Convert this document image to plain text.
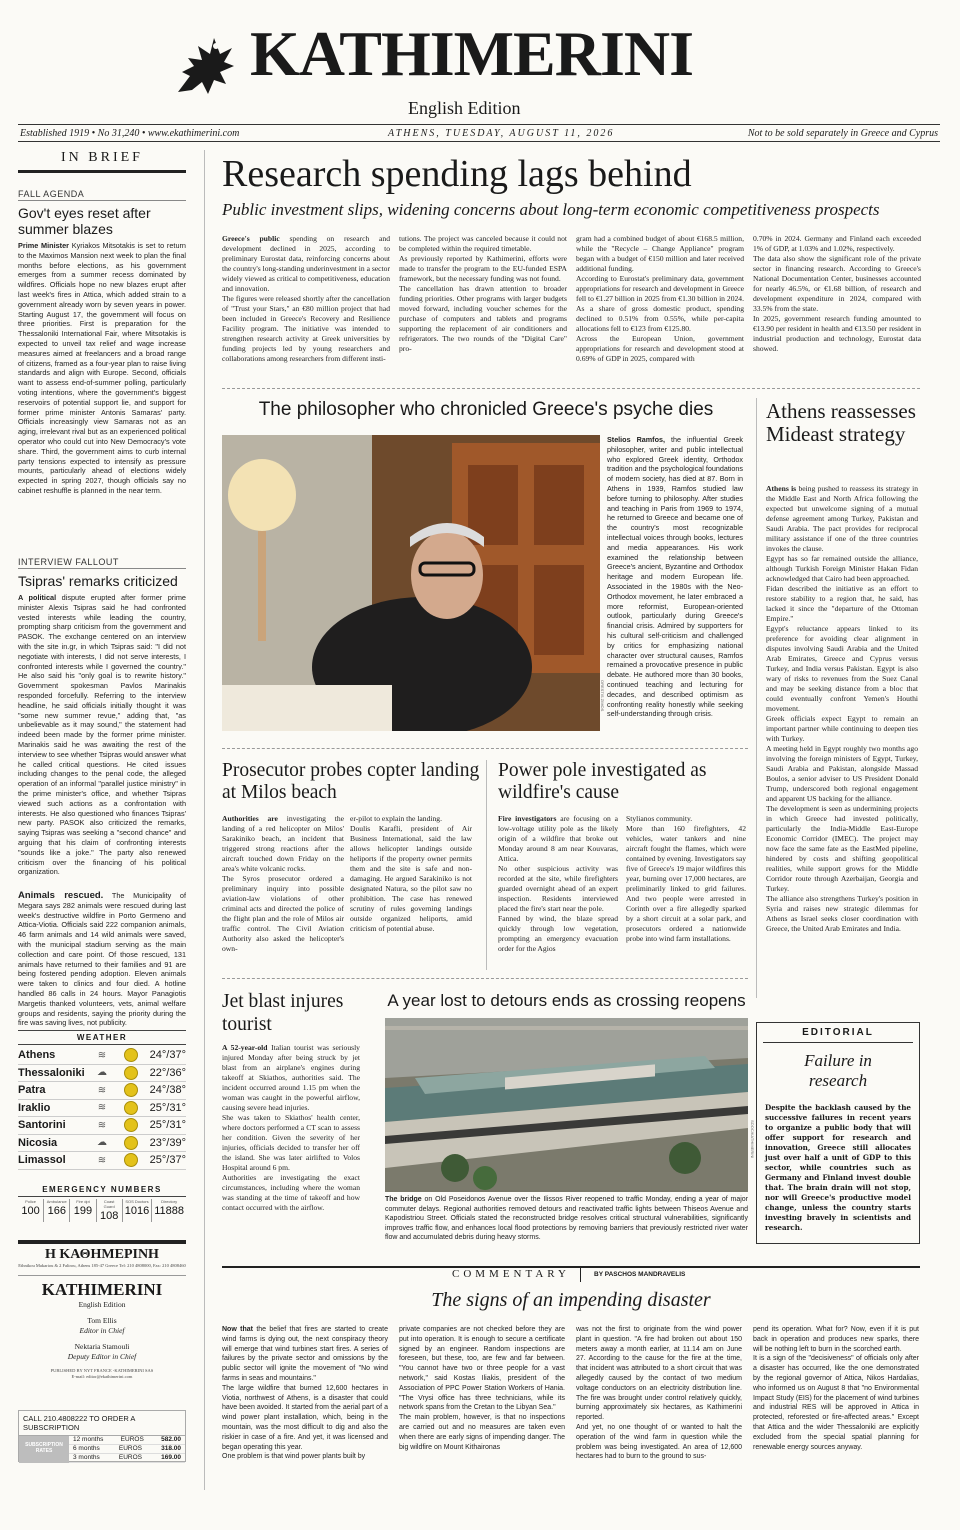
KATHIMERINI
English Edition
Established 1919 • No 31,240 • www.ekathimerini.com	ATHENS, TUESDAY, AUGUST 11, 2026	Not to be sold separately in Greece and Cyprus
IN BRIEF
FALL AGENDA
Gov't eyes reset after summer blazes
Prime Minister Kyriakos Mitsotakis is set to return to the Maximos Mansion next week to plan the final months before elections, as his government emerges from a summer recess dominated by wildfires. Officials hope no new blazes erupt after last week's fires in Attica, which added strain to a government already worn by seven years in power. Starting August 17, the government will focus on three priorities. First is preparation for the Thessaloniki International Fair, where Mitsotakis is expected to unveil tax relief and wage increase measures aimed at freelancers and a broad range of citizens, framed as a four-year plan to raise living standards and align with Europe. Second, officials want to assess end-of-summer polling, particularly voting intentions, where the government's biggest reservoirs of potential support lie, and support for former prime minister Antonis Samaras' party. Officials increasingly view Samaras not as an aging, irrelevant rival but as an experienced political operator who could cut into New Democracy's vote share. Third, the government aims to curb internal party tensions expected to intensify as pressure mounts, particularly ahead of elections widely expected in spring 2027, though officials say no cabinet reshuffle is planned in the near term.
INTERVIEW FALLOUT
Tsipras' remarks criticized
A political dispute erupted after former prime minister Alexis Tsipras said he had confronted vested interests while leading the country, prompting sharp criticism from the government and PASOK. The exchange centered on an interview with the site in.gr, in which Tsipras said: "I did not negotiate with interests, I did not serve interests, I confronted interests while I governed the country." He also said his "only goal is to rewrite history." Government spokesman Pavlos Marinakis responded forcefully. Referring to the interview headline, he said officials initially thought it was "some new summer revue," adding that, "as unbelievable as it may sound," the statement had indeed been made by the former prime minister. Marinakis said he was awaiting the rest of the interview to see whether Tsipras would answer what he called critical questions. He cited issues including changes to the penal code, the alleged operation of an informal "parallel justice ministry" in the prime minister's office, and whether Tsipras viewed such actions as a confrontation with interests. He also questioned who finances Tsipras' new party. PASOK also criticized the remarks, saying Tsipras was seeking a "second chance" and arguing that his claim of confronting interests "sounds like a joke." The party also renewed criticism over the financing of his political organization.
Animals rescued. The Municipality of Megara says 282 animals were rescued during last week's destructive wildfire in Porto Germeno and Attica-Viotia. Officials said 222 companion animals, 46 farm animals and 14 wild animals were saved, with the municipal stadium serving as the main collection and care point. Of those rescued, 131 animals have returned to their families and 91 are being fostered pending adoption. Eleven animals were taken to clinics and four died. A hotline handled 86 calls in 24 hours. Mayor Panagiotis Margetis thanked volunteers, vets, animal welfare groups and residents, saying the priority during the fire was saving lives, not publicity.
WEATHER
Athens	≋	24°/37°
Thessaloniki	☁	22°/36°
Patra	≋	24°/38°
Iraklio	≋	25°/31°
Santorini	≋	25°/31°
Nicosia	☁	23°/39°
Limassol	≋	25°/37°
EMERGENCY NUMBERS
Police
100
Ambulance
166
Fire dpt
199
Coast Guard
108
SOS Doctors
1016
Directory
11888
Η ΚΑΘΗΜΕΡΙΝΗ
Ethnikou Makariou & 2 Falirou, Athens 185-47 Greece Tel: 210 4808000, Fax: 210 4808460
KATHIMERINI
English Edition
Tom Ellis
Editor in Chief
Nektaria Stamouli
Deputy Editor in Chief
PUBLISHED BY NYT FRANCE -KATHIMERINI SAS
E-mail: editor@ekathimerini.com
CALL 210.4808222 TO ORDER A SUBSCRIPTION
SUBSCRIPTION RATES
12 months	EUROS	582.00
6 months	EUROS	318.00
3 months	EUROS	169.00
Research spending lags behind
Public investment slips, widening concerns about long-term economic competitiveness prospects
Greece's public spending on research and development declined in 2025, according to preliminary Eurostat data, reinforcing concerns about the country's long-standing underinvestment in a sector widely viewed as critical to competitiveness, education and innovation.
The figures were released shortly after the cancellation of "Trust your Stars," an €80 million project that had been included in Greece's Recovery and Resilience Facility program. The initiative was intended to strengthen research activity at Greek universities by funding projects led by young researchers and collaborations among researchers from different insti-
tutions. The project was canceled because it could not be completed within the required timetable.
As previously reported by Kathimerini, efforts were made to transfer the program to the EU-funded ESPA framework, but the necessary funding was not found.
The cancellation has drawn attention to broader funding priorities. Other programs with larger budgets moved forward, including voucher schemes for the purchase of computers and tablets and programs supporting the replacement of air conditioners and refrigerators. The two rounds of the "Digital Care" pro-
gram had a combined budget of about €168.5 million, while the "Recycle – Change Appliance" program began with a budget of €150 million and later received additional funding.
According to Eurostat's preliminary data, government appropriations for research and development in Greece fell to €1.27 billion in 2025 from €1.30 billion in 2024. As a share of gross domestic product, spending declined to 0.51% from 0.55%, while per-capita allocations fell to €123 from €125.80.
Across the European Union, government appropriations for research and development stood at 0.69% of GDP in 2025, compared with
0.70% in 2024. Germany and Finland each exceeded 1% of GDP, at 1.03% and 1.02%, respectively.
The data also show the significant role of the private sector in financing research. According to Greece's National Documentation Center, businesses accounted for nearly 46.5%, or €1.68 billion, of research and development expenditure in 2024, compared with 33.5% from the state.
In 2025, government research funding amounted to €13.90 per resident in health and €13.50 per resident in industrial production and technology, Eurostat data showed.
The philosopher who chronicled Greece's psyche dies
ORESTIS ZIMOS
Stelios Ramfos, the influential Greek philosopher, writer and public intellectual who explored Greek identity, Orthodox tradition and the psychological foundations of modern society, has died at 87. Born in Athens in 1939, Ramfos studied law before turning to philosophy. After studies and teaching in Paris from 1969 to 1974, he returned to Greece and became one of the country's most recognizable intellectual voices through books, lectures and media appearances. His work examined the relationship between Greece's ancient, Byzantine and Orthodox heritage and modern European life. Associated in the 1980s with the Neo-Orthodox movement, he later embraced a more reformist, European-oriented outlook, particularly during Greece's financial crisis. Admired by supporters for his cultural self-criticism and challenged by critics for emphasizing national character over structural causes, Ramfos remained a provocative presence in public debate. He authored more than 30 books, continued teaching and lecturing for decades, and described optimism as confronting reality honestly while seeking self-understanding through crisis.
Athens reassesses Mideast strategy
Athens is being pushed to reassess its strategy in the Middle East and North Africa following the expected but unwelcome signing of a mutual defense agreement among Turkey, Pakistan and Saudi Arabia. The pact provides for reciprocal military assistance if one of the three countries invokes the clause.
Egypt has so far remained outside the alliance, although Turkish Foreign Minister Hakan Fidan acknowledged that Cairo had been approached.
Fidan described the initiative as an effort to restore stability to a region that, he said, has lacked it since the "departure of the Ottoman Empire."
Egypt's reluctance appears linked to its preference for avoiding clear alignment in disputes involving Saudi Arabia and the United Arab Emirates, Greece and Cyprus versus Turkey, and India versus Pakistan. Egypt is also wary of risks to revenues from the Suez Canal and may be seeking distance from a bloc that could eventually confront Yemen's Houthi movement.
Greek officials expect Egypt to remain an important partner while continuing to deepen ties with Turkey.
A meeting held in Egypt roughly two months ago involving the foreign ministers of Egypt, Turkey, Saudi Arabia and Pakistan, alongside Massad Boulos, a senior adviser to US President Donald Trump, underscored both regional engagement and apparent US backing for the alliance.
The development is seen as undermining projects in which Greece had invested politically, particularly the India-Middle East-Europe Economic Corridor (IMEC). The project may now face the same fate as the EastMed pipeline, hindered by costs and shifting geopolitical realities, while support grows for the Middle Corridor route through Azerbaijan, Georgia and Turkey.
The alliance also strengthens Turkey's position in Syria and raises new strategic dilemmas for Athens as Israel seeks closer coordination with Greece, the United Arab Emirates and India.
Prosecutor probes copter landing at Milos beach
Authorities are investigating the landing of a red helicopter on Milos' Sarakiniko beach, an incident that triggered strong reactions after the aircraft touched down Friday on the area's white volcanic rocks.
The Syros prosecutor ordered a preliminary inquiry into possible aviation-law violations of other criminal acts and directed the police of the flight plan and the role of Milos air traffic control. The Civil Aviation Authority also asked the helicopter's own-
er-pilot to explain the landing.
Doulis Karafli, president of Air Business International, said the law allows helicopter landings outside heliports if the property owner permits them and the site is safe and non-damaging. He argued Sarakiniko is not designated Natura, so the pilot saw no prohibition. The case has renewed scrutiny of rules governing landings outside organized heliports, amid criticism of potential abuse.
Power pole investigated as wildfire's cause
Fire investigators are focusing on a low-voltage utility pole as the likely origin of a wildfire that broke out Monday around 8 am near Kouvaras, Attica.
No other suspicious activity was recorded at the site, while firefighters guarded overnight ahead of an expert inspection. Residents interviewed placed the fire's start near the pole.
Fanned by wind, the blaze spread quickly through low vegetation, prompting an emergency evacuation order for the Agios
Stylianos community.
More than 160 firefighters, 42 vehicles, water tankers and nine aircraft fought the flames, which were contained by evening. Investigators say five of Greece's 19 major wildfires this year, burning over 17,000 hectares, are preliminarily linked to grid failures. And two people were arrested in Corinth over a fire allegedly sparked by a short circuit at a solar park, and prosecutors ordered a nationwide probe into wind farm installations.
Jet blast injures tourist
A 52-year-old Italian tourist was seriously injured Monday after being struck by jet blast from an airplane's engines during takeoff at Skiathos, authorities said. The incident occurred around 1.15 pm when the woman was caught in the powerful airflow, causing severe head injuries.
She was taken to Skiathos' health center, where doctors performed a CT scan to assess her condition. Given the severity of her injuries, officials decided to transfer her off the island. She was later airlifted to Volos Hospital around 6 pm.
Authorities are investigating the exact circumstances, including where the woman was standing at the time of takeoff and how contact occurred with the airflow.
A year lost to detours ends as crossing reopens
SOOC/KATHIMERINI
The bridge on Old Poseidonos Avenue over the Ilissos River reopened to traffic Monday, ending a year of major commuter delays. Regional authorities removed detours and reactivated traffic lights between Thiseos Avenue and Kapodistriou Street. Officials stated the reconstructed bridge resolves critical structural vulnerabilities, significantly improves traffic flow, and enhances local flood protections by removing barriers that previously restricted river water flow and accumulated debris during heavy storms.
EDITORIAL
Failure in research
Despite the backlash caused by the successive failures in recent years to organize a public body that will offer support for research and innovation, Greece still allocates just over half a unit of GDP to this sector, while countries such as Germany and Finland invest double that. The brain drain will not stop, nor will Greece's productive model change, unless the country starts investing bravely in scientists and research.
COMMENTARY	BY PASCHOS MANDRAVELIS
The signs of an impending disaster
Now that the belief that fires are started to create wind farms is dying out, the next conspiracy theory will emerge that wind turbines start fires. A series of failures by the private sector and omissions by the public sector will ignite the movement of "No wind farms in seas and mountains."
The large wildfire that burned 12,600 hectares in Viotia, northwest of Athens, is a disaster that could have been avoided. It started from the aerial part of a wind power plant installation, which, being in the mountain, was the most difficult to dig and also the riskier in case of a fire. And yet, it was licensed and began operating this year.
One problem is that wind power plants built by
private companies are not checked before they are put into operation. It is enough to secure a certificate signed by an engineer. Random inspections are foreseen, but these, too, are few and far between. "You cannot have two or three people for a vast network," said Kostas Iliakis, president of the Association of PPC Power Station Workers of Hania. "The Vrysi office has three technicians, while its network spans from the Cretan to the Libyan Sea."
The main problem, however, is that no inspections are carried out and no measures are taken even when there are early signs of impending danger. The big wildfire on Mount Kithaironas
was not the first to originate from the wind power plant in question. "A fire had broken out about 150 meters away a month earlier, at 11.14 am on June 27. According to the cause for the fire at the time, that incident was attributed to a short circuit that was allegedly caused by the contact of two medium voltage conductors on an electricity distribution line. The fire was brought under control relatively quickly, burning approximately six hectares, as Kathimerini reported.
And yet, no one thought of or wanted to halt the operation of the wind farm in question while the problem was being investigated. An area of 12,600 hectares had to burn to the ground to sus-
pend its operation. What for? Now, even if it is put back in operation and produces new sparks, there will be nothing left to burn in the scorched earth.
It is a sign of the "decisiveness" of officials only after a disaster has occurred, like the one demonstrated by the regional governor of Attica, Nikos Hardalias, who informed us on August 8 that "no Environmental Impact Study (EIS) for the placement of wind turbines and industrial RES will be approved in Attica in protected, reforested or fire-affected areas." Except that Attica and the wider Thessaloniki are explicitly excluded from the special spatial planning for renewable energy sources anyway.
